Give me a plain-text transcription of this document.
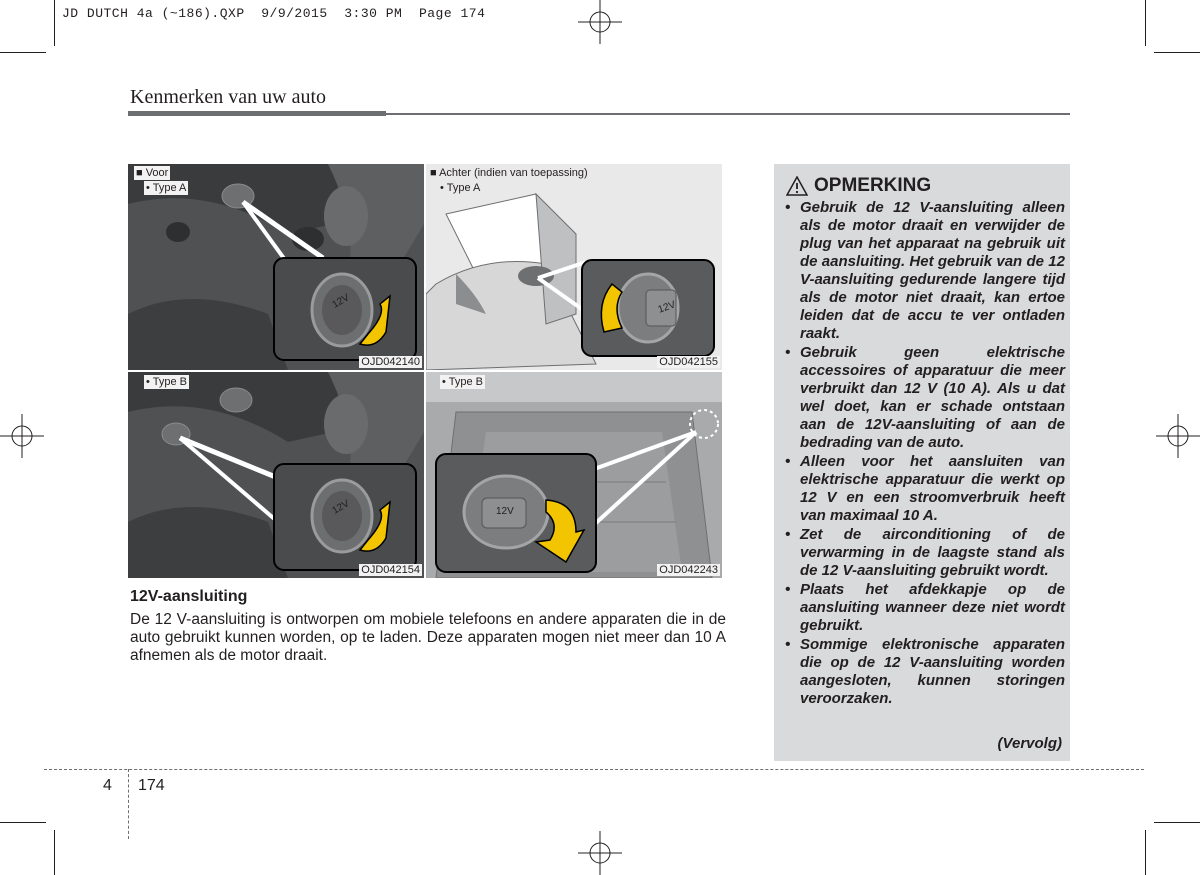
JD DUTCH 4a (~186).QXP  9/9/2015  3:30 PM  Page 174
Kenmerken van uw auto
OJD042140
■ Voor
• Type A
12V
OJD042155
■ Achter (indien van toepassing)
• Type A
12V
OJD042154
• Type B
12V
OJD042243
• Type B
12V
12V-aansluiting
De 12 V-aansluiting is ontworpen om mobiele telefoons en andere apparaten die in de auto gebruikt kunnen worden, op te laden. Deze apparaten mogen niet meer dan 10 A afnemen als de motor draait.
OPMERKING
• Gebruik de 12 V-aansluiting alleen als de motor draait en verwijder de plug van het apparaat na gebruik uit de aansluiting. Het gebruik van de 12 V-aansluiting gedurende langere tijd als de motor niet draait, kan ertoe leiden dat de accu te ver ontladen raakt.
• Gebruik geen elektrische accessoires of apparatuur die meer verbruikt dan 12 V (10 A). Als u dat wel doet, kan er schade ontstaan aan de 12V-aansluiting of aan de bedrading van de auto.
• Alleen voor het aansluiten van elektrische apparatuur die werkt op 12 V en een stroomverbruik heeft van maximaal 10 A.
• Zet de airconditioning of de verwarming in de laagste stand als de 12 V-aansluiting gebruikt wordt.
• Plaats het afdekkapje op de aansluiting wanneer deze niet wordt gebruikt.
• Sommige elektronische apparaten die op de 12 V-aansluiting worden aangesloten, kunnen storingen veroorzaken.
(Vervolg)
4 174
